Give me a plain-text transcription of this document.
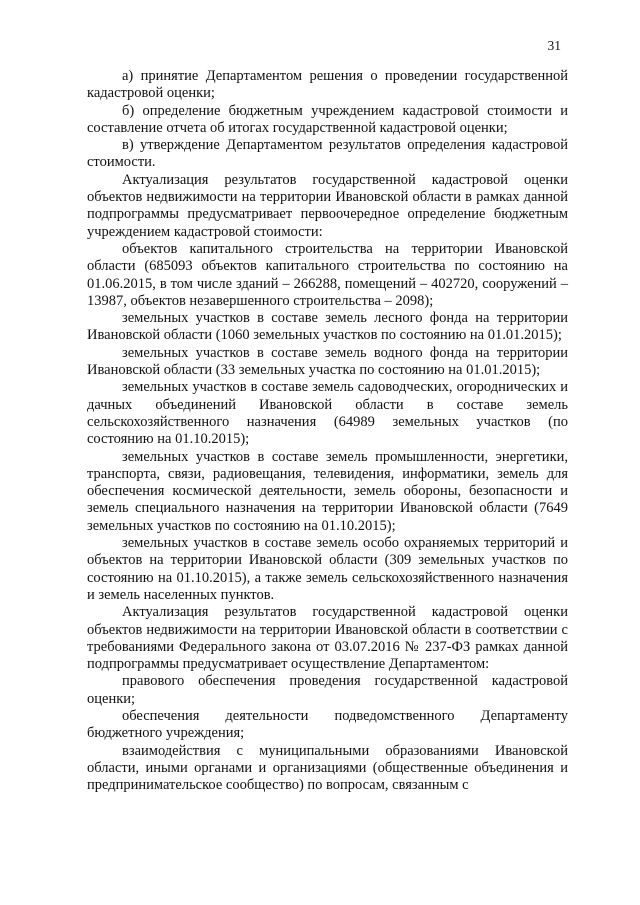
31

а) принятие Департаментом решения о проведении государственной кадастровой оценки;

б) определение бюджетным учреждением кадастровой стоимости и составление отчета об итогах государственной кадастровой оценки;

в) утверждение Департаментом результатов определения кадастровой стоимости.

Актуализация результатов государственной кадастровой оценки объектов недвижимости на территории Ивановской области в рамках данной подпрограммы предусматривает первоочередное определение бюджетным учреждением кадастровой стоимости:

объектов капитального строительства на территории Ивановской области (685093 объектов капитального строительства по состоянию на 01.06.2015, в том числе зданий – 266288, помещений – 402720, сооружений – 13987, объектов незавершенного строительства – 2098);

земельных участков в составе земель лесного фонда на территории Ивановской области (1060 земельных участков по состоянию на 01.01.2015);

земельных участков в составе земель водного фонда на территории Ивановской области (33 земельных участка по состоянию на 01.01.2015);

земельных участков в составе земель садоводческих, огороднических и дачных объединений Ивановской области в составе земель сельскохозяйственного назначения (64989 земельных участков (по состоянию на 01.10.2015);

земельных участков в составе земель промышленности, энергетики, транспорта, связи, радиовещания, телевидения, информатики, земель для обеспечения космической деятельности, земель обороны, безопасности и земель специального назначения на территории Ивановской области (7649 земельных участков по состоянию на 01.10.2015);

земельных участков в составе земель особо охраняемых территорий и объектов на территории Ивановской области (309 земельных участков по состоянию на 01.10.2015), а также земель сельскохозяйственного назначения и земель населенных пунктов.

Актуализация результатов государственной кадастровой оценки объектов недвижимости на территории Ивановской области в соответствии с требованиями Федерального закона от 03.07.2016 № 237-ФЗ рамках данной подпрограммы предусматривает осуществление Департаментом:

правового обеспечения проведения государственной кадастровой оценки;

обеспечения деятельности подведомственного Департаменту бюджетного учреждения;

взаимодействия с муниципальными образованиями Ивановской области, иными органами и организациями (общественные объединения и предпринимательское сообщество) по вопросам, связанным с
